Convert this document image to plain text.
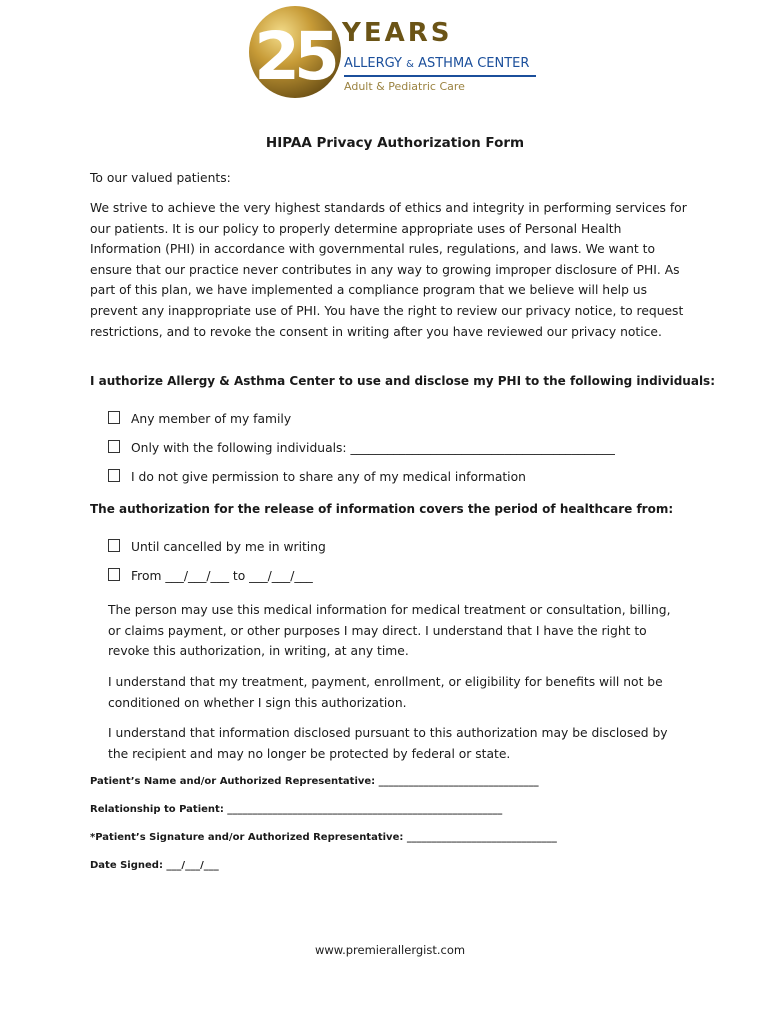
25 YEARS
ALLERGY & ASTHMA CENTER
Adult & Pediatric Care
HIPAA Privacy Authorization Form
To our valued patients:
We strive to achieve the very highest standards of ethics and integrity in performing services for our patients. It is our policy to properly determine appropriate uses of Personal Health Information (PHI) in accordance with governmental rules, regulations, and laws. We want to ensure that our practice never contributes in any way to growing improper disclosure of PHI. As part of this plan, we have implemented a compliance program that we believe will help us prevent any inappropriate use of PHI. You have the right to review our privacy notice, to request restrictions, and to revoke the consent in writing after you have reviewed our privacy notice.
I authorize Allergy & Asthma Center to use and disclose my PHI to the following individuals:
Any member of my family
Only with the following individuals: ___________________________________________
I do not give permission to share any of my medical information
The authorization for the release of information covers the period of healthcare from:
Until cancelled by me in writing
From ___/___/___ to ___/___/___
The person may use this medical information for medical treatment or consultation, billing, or claims payment, or other purposes I may direct. I understand that I have the right to revoke this authorization, in writing, at any time.
I understand that my treatment, payment, enrollment, or eligibility for benefits will not be conditioned on whether I sign this authorization.
I understand that information disclosed pursuant to this authorization may be disclosed by the recipient and may no longer be protected by federal or state.
Patient’s Name and/or Authorized Representative: ________________________________
Relationship to Patient: _______________________________________________________
*Patient’s Signature and/or Authorized Representative: ______________________________
Date Signed: ___/___/___
www.premierallergist.com
